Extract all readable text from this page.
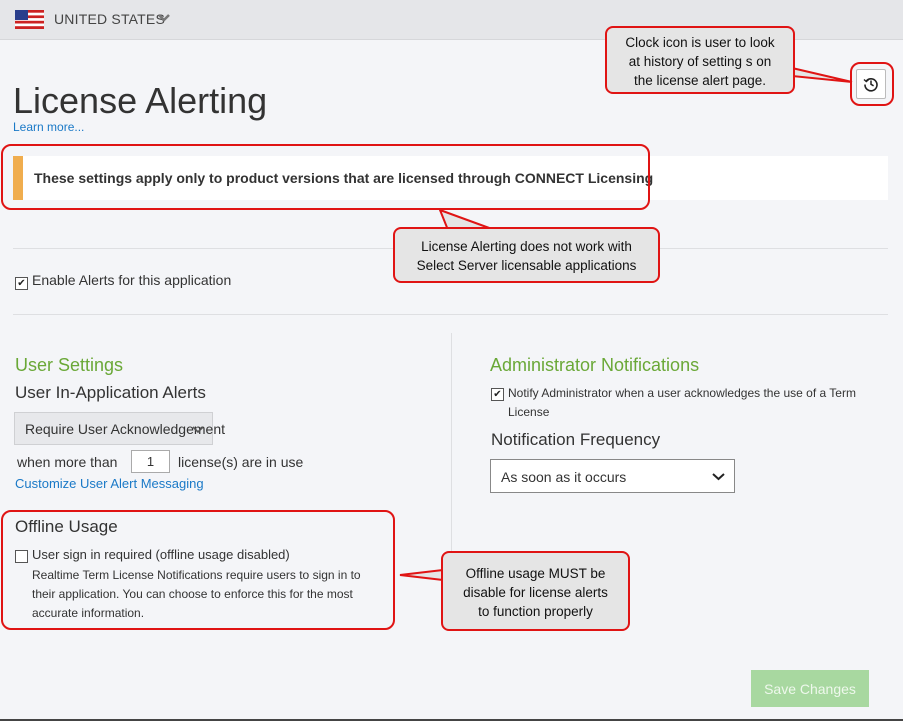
UNITED STATES
License Alerting
Learn more...
These settings apply only to product versions that are licensed through CONNECT Licensing
✔ Enable Alerts for this application
User Settings
User In-Application Alerts
Require User Acknowledgement
when more than	1	license(s) are in use
Customize User Alert Messaging
Offline Usage
User sign in required (offline usage disabled)
Realtime Term License Notifications require users to sign in to
their application. You can choose to enforce this for the most
accurate information.
Administrator Notifications
✔ Notify Administrator when a user acknowledges the use of a Term
License
Notification Frequency
As soon as it occurs
Save Changes
Clock icon is user to look
at history of setting s on
the license alert page.
License Alerting does not work with
Select Server licensable applications
Offline usage MUST be
disable for license alerts
to function properly
